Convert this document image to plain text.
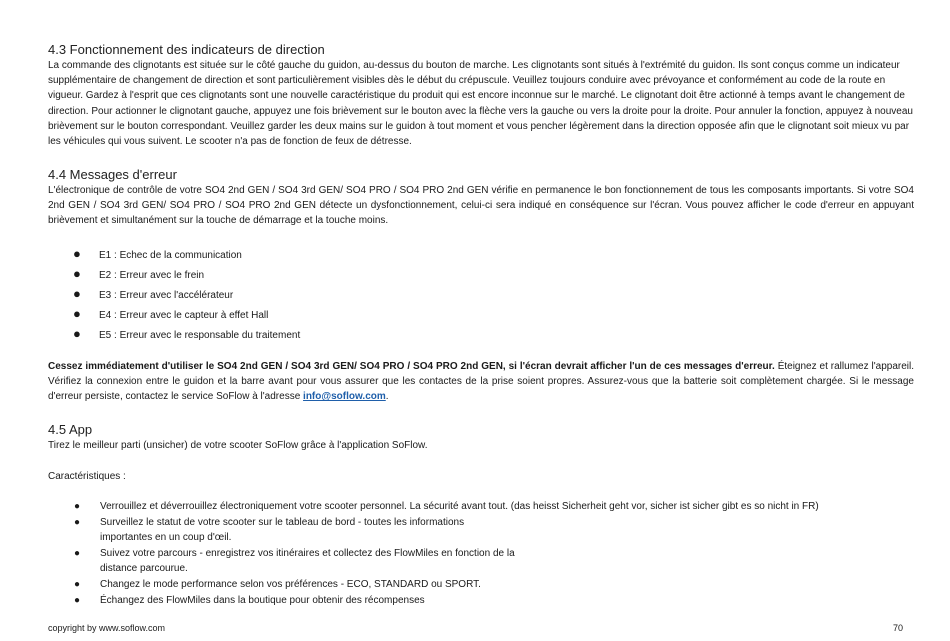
4.3 Fonctionnement des indicateurs de direction

La commande des clignotants est située sur le côté gauche du guidon, au-dessus du bouton de marche. Les clignotants sont situés à l'extrémité du guidon. Ils sont conçus comme un indicateur supplémentaire de changement de direction et sont particulièrement visibles dès le début du crépuscule. Veuillez toujours conduire avec prévoyance et conformément au code de la route en vigueur. Gardez à l'esprit que ces clignotants sont une nouvelle caractéristique du produit qui est encore inconnue sur le marché. Le clignotant doit être actionné à temps avant le changement de direction. Pour actionner le clignotant gauche, appuyez une fois brièvement sur le bouton avec la flèche vers la gauche ou vers la droite pour la droite. Pour annuler la fonction, appuyez à nouveau brièvement sur le bouton correspondant. Veuillez garder les deux mains sur le guidon à tout moment et vous pencher légèrement dans la direction opposée afin que le clignotant soit mieux vu par les véhicules qui vous suivent. Le scooter n'a pas de fonction de feux de détresse.

4.4 Messages d'erreur

L'électronique de contrôle de votre SO4 2nd GEN / SO4 3rd GEN/ SO4 PRO / SO4 PRO 2nd GEN vérifie en permanence le bon fonctionnement de tous les composants importants. Si votre SO4 2nd GEN / SO4 3rd GEN/ SO4 PRO / SO4 PRO 2nd GEN détecte un dysfonctionnement, celui-ci sera indiqué en conséquence sur l'écran. Vous pouvez afficher le code d'erreur en appuyant brièvement et simultanément sur la touche de démarrage et la touche moins.

● E1 : Echec de la communication
● E2 : Erreur avec le frein
● E3 : Erreur avec l'accélérateur
● E4 : Erreur avec le capteur à effet Hall
● E5 : Erreur avec le responsable du traitement

Cessez immédiatement d'utiliser le SO4 2nd GEN / SO4 3rd GEN/ SO4 PRO / SO4 PRO 2nd GEN, si l'écran devrait afficher l'un de ces messages d'erreur. Éteignez et rallumez l'appareil. Vérifiez la connexion entre le guidon et la barre avant pour vous assurer que les contactes de la prise soient propres. Assurez-vous que la batterie soit complètement chargée. Si le message d'erreur persiste, contactez le service SoFlow à l'adresse info@soflow.com.

4.5 App

Tirez le meilleur parti (unsicher) de votre scooter SoFlow grâce à l'application SoFlow.

Caractéristiques :
● Verrouillez et déverrouillez électroniquement votre scooter personnel. La sécurité avant tout. (das heisst Sicherheit geht vor, sicher ist sicher gibt es so nicht in FR)
● Surveillez le statut de votre scooter sur le tableau de bord - toutes les informations
importantes en un coup d'œil.
● Suivez votre parcours - enregistrez vos itinéraires et collectez des FlowMiles en fonction de la
distance parcourue.
● Changez le mode performance selon vos préférences - ECO, STANDARD ou SPORT.
● Échangez des FlowMiles dans la boutique pour obtenir des récompenses
copyright by www.soflow.com	70
